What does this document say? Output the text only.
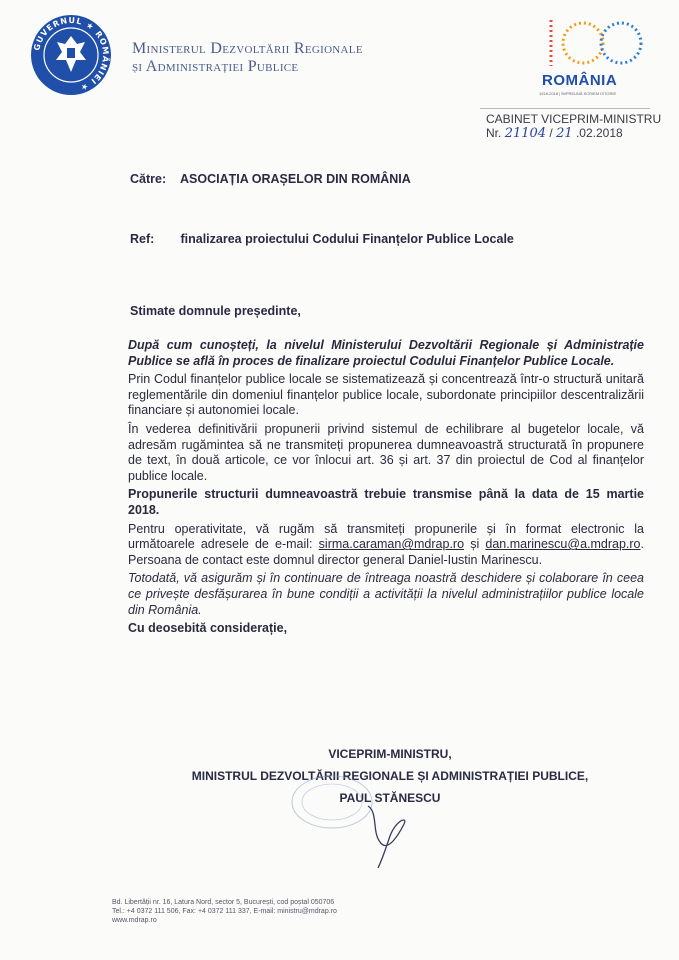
GUVERNUL ★ ROMÂNIEI ★
Ministerul Dezvoltării Regionale
și Administrației Publice
ROMÂNIA
1918-2018 | ÎMPREUNĂ SCRIEM ISTORIE
CABINET VICEPRIM-MINISTRU
Nr. 21104 / 21 .02.2018
Către: ASOCIAȚIA ORAȘELOR DIN ROMÂNIA
Ref: finalizarea proiectului Codului Finanțelor Publice Locale
Stimate domnule președinte,

După cum cunoșteți, la nivelul Ministerului Dezvoltării Regionale și Administrație Publice se află în proces de finalizare proiectul Codului Finanțelor Publice Locale.

Prin Codul finanțelor publice locale se sistematizează și concentrează într-o structură unitară reglementările din domeniul finanțelor publice locale, subordonate principiilor descentralizării financiare și autonomiei locale.

În vederea definitivării propunerii privind sistemul de echilibrare al bugetelor locale, vă adresăm rugămintea să ne transmiteți propunerea dumneavoastră structurată în propunere de text, în două articole, ce vor înlocui art. 36 și art. 37 din proiectul de Cod al finanțelor publice locale.

Propunerile structurii dumneavoastră trebuie transmise până la data de 15 martie 2018.

Pentru operativitate, vă rugăm să transmiteți propunerile și în format electronic la următoarele adresele de e-mail: sirma.caraman@mdrap.ro și dan.marinescu@a.mdrap.ro. Persoana de contact este domnul director general Daniel-Iustin Marinescu.

Totodată, vă asigurăm și în continuare de întreaga noastră deschidere și colaborare în ceea ce privește desfășurarea în bune condiții a activității la nivelul administrațiilor publice locale din România.

Cu deosebită considerație,

VICEPRIM-MINISTRU,
MINISTRUL DEZVOLTĂRII REGIONALE ȘI ADMINISTRAȚIEI PUBLICE,
PAUL STĂNESCU
Bd. Libertății nr. 16, Latura Nord, sector 5, București, cod poștal 050706
Tel.: +4 0372 111 506, Fax: +4 0372 111 337, E-mail: ministru@mdrap.ro
www.mdrap.ro
